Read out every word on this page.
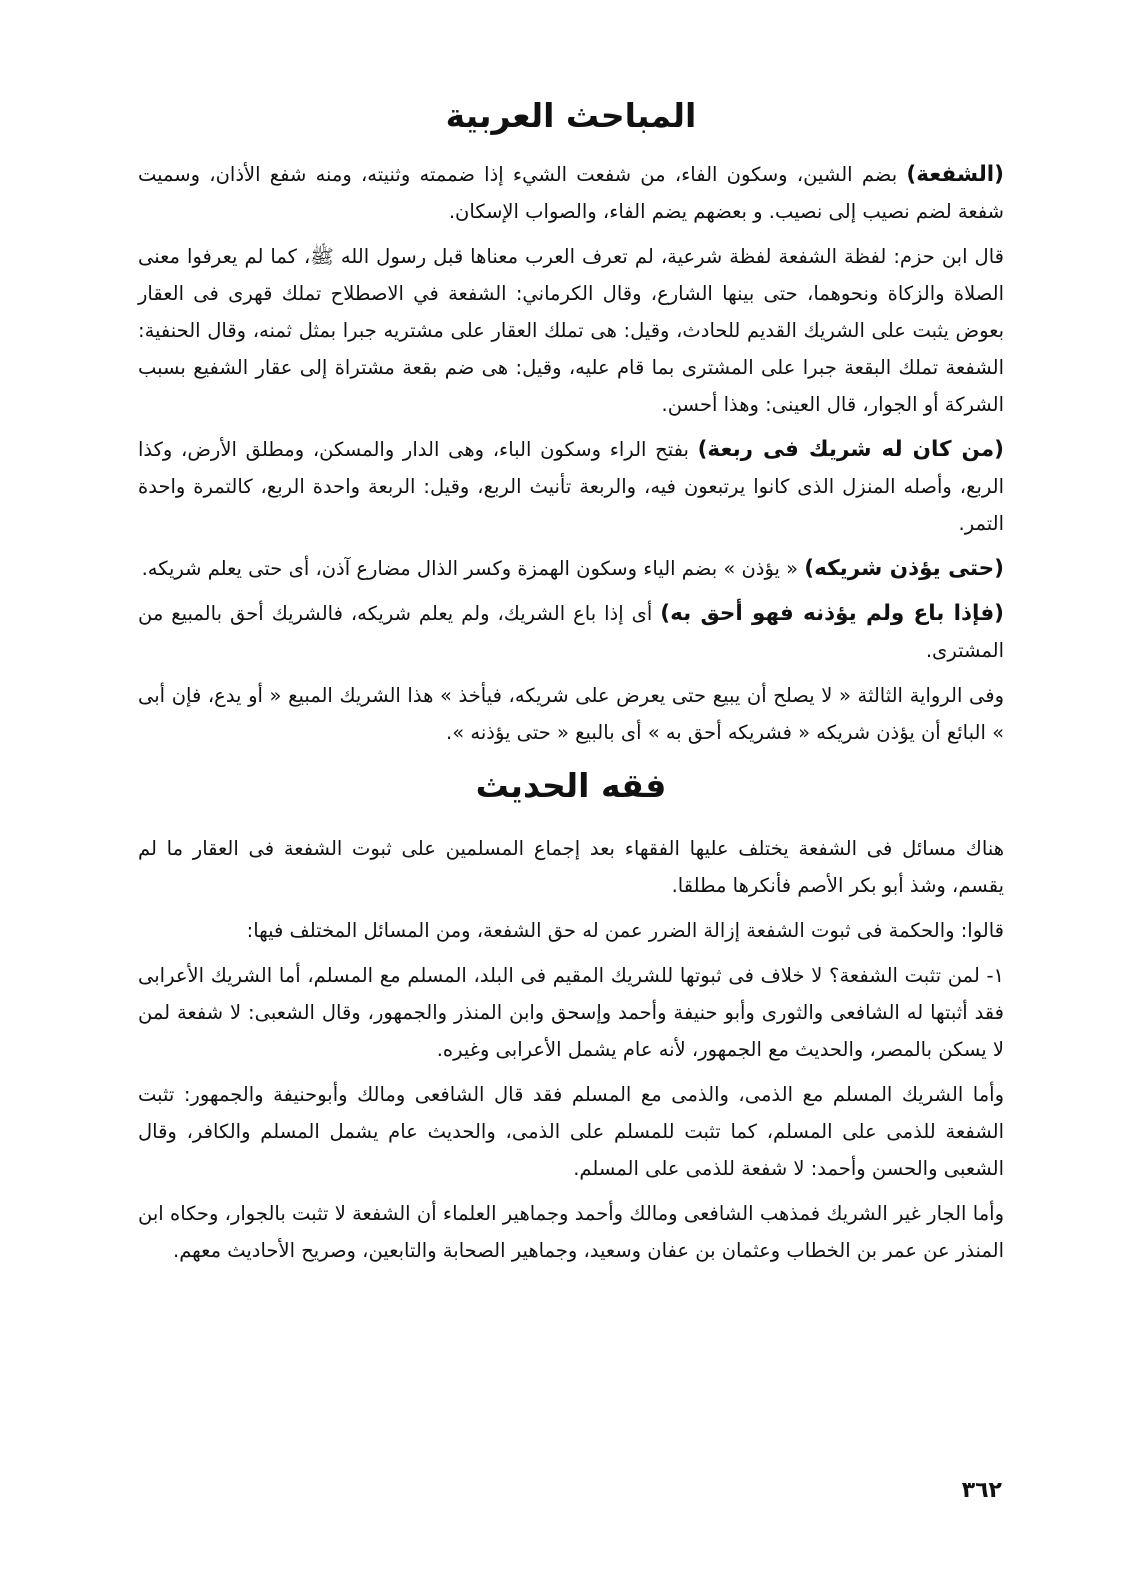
المباحث العربية

(الشفعة) بضم الشين، وسكون الفاء، من شفعت الشيء إذا ضممته وثنيته، ومنه شفع الأذان، وسميت شفعة لضم نصيب إلى نصيب. و بعضهم يضم الفاء، والصواب الإسكان.

قال ابن حزم: لفظة الشفعة لفظة شرعية، لم تعرف العرب معناها قبل رسول الله ﷺ، كما لم يعرفوا معنى الصلاة والزكاة ونحوهما، حتى بينها الشارع، وقال الكرماني: الشفعة في الاصطلاح تملك قهرى فى العقار بعوض يثبت على الشريك القديم للحادث، وقيل: هى تملك العقار على مشتريه جبرا بمثل ثمنه، وقال الحنفية: الشفعة تملك البقعة جبرا على المشترى بما قام عليه، وقيل: هى ضم بقعة مشتراة إلى عقار الشفيع بسبب الشركة أو الجوار، قال العينى: وهذا أحسن.

(من كان له شريك فى ربعة) بفتح الراء وسكون الباء، وهى الدار والمسكن، ومطلق الأرض، وكذا الربع، وأصله المنزل الذى كانوا يرتبعون فيه، والربعة تأنيث الربع، وقيل: الربعة واحدة الربع، كالتمرة واحدة التمر.

(حتى يؤذن شريكه) « يؤذن » بضم الياء وسكون الهمزة وكسر الذال مضارع آذن، أى حتى يعلم شريكه.

(فإذا باع ولم يؤذنه فهو أحق به) أى إذا باع الشريك، ولم يعلم شريكه، فالشريك أحق بالمبيع من المشترى.

وفى الرواية الثالثة « لا يصلح أن يبيع حتى يعرض على شريكه، فيأخذ » هذا الشريك المبيع « أو يدع، فإن أبى » البائع أن يؤذن شريكه « فشريكه أحق به » أى بالبيع « حتى يؤذنه ».

فقه الحديث

هناك مسائل فى الشفعة يختلف عليها الفقهاء بعد إجماع المسلمين على ثبوت الشفعة فى العقار ما لم يقسم، وشذ أبو بكر الأصم فأنكرها مطلقا.

قالوا: والحكمة فى ثبوت الشفعة إزالة الضرر عمن له حق الشفعة، ومن المسائل المختلف فيها:

١- لمن تثبت الشفعة؟ لا خلاف فى ثبوتها للشريك المقيم فى البلد، المسلم مع المسلم، أما الشريك الأعرابى فقد أثبتها له الشافعى والثورى وأبو حنيفة وأحمد وإسحق وابن المنذر والجمهور، وقال الشعبى: لا شفعة لمن لا يسكن بالمصر، والحديث مع الجمهور، لأنه عام يشمل الأعرابى وغيره.

وأما الشريك المسلم مع الذمى، والذمى مع المسلم فقد قال الشافعى ومالك وأبوحنيفة والجمهور: تثبت الشفعة للذمى على المسلم، كما تثبت للمسلم على الذمى، والحديث عام يشمل المسلم والكافر، وقال الشعبى والحسن وأحمد: لا شفعة للذمى على المسلم.

وأما الجار غير الشريك فمذهب الشافعى ومالك وأحمد وجماهير العلماء أن الشفعة لا تثبت بالجوار، وحكاه ابن المنذر عن عمر بن الخطاب وعثمان بن عفان وسعيد، وجماهير الصحابة والتابعين، وصريح الأحاديث معهم.

٣٦٢
